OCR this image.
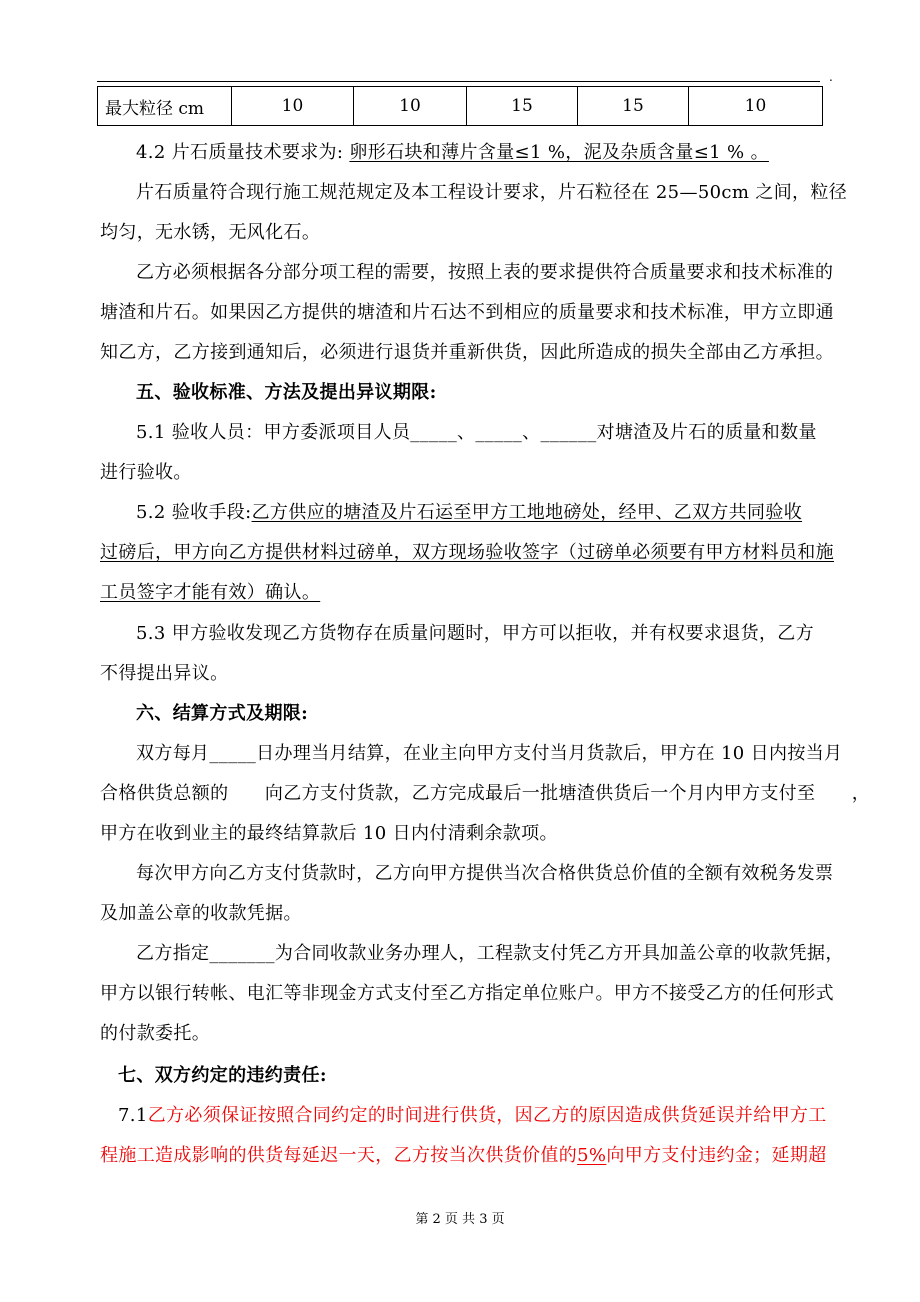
.
最大粒径 cm	10	10	15	15	10
4.2 片石质量技术要求为: 卵形石块和薄片含量≤1 %，泥及杂质含量≤1 % 。
片石质量符合现行施工规范规定及本工程设计要求，片石粒径在 25—50cm 之间，粒径
均匀，无水锈，无风化石。
乙方必须根据各分部分项工程的需要，按照上表的要求提供符合质量要求和技术标准的
塘渣和片石。如果因乙方提供的塘渣和片石达不到相应的质量要求和技术标准，甲方立即通
知乙方，乙方接到通知后，必须进行退货并重新供货，因此所造成的损失全部由乙方承担。
五、验收标准、方法及提出异议期限:
5.1 验收人员：甲方委派项目人员_____、_____、______对塘渣及片石的质量和数量
进行验收。
5.2 验收手段:乙方供应的塘渣及片石运至甲方工地地磅处，经甲、乙双方共同验收
过磅后，甲方向乙方提供材料过磅单，双方现场验收签字（过磅单必须要有甲方材料员和施
工员签字才能有效）确认。
5.3 甲方验收发现乙方货物存在质量问题时，甲方可以拒收，并有权要求退货，乙方
不得提出异议。
六、结算方式及期限:
双方每月_____日办理当月结算，在业主向甲方支付当月货款后，甲方在 10 日内按当月
合格供货总额的      向乙方支付货款，乙方完成最后一批塘渣供货后一个月内甲方支付至      ，
甲方在收到业主的最终结算款后 10 日内付清剩余款项。
每次甲方向乙方支付货款时，乙方向甲方提供当次合格供货总价值的全额有效税务发票
及加盖公章的收款凭据。
乙方指定_______为合同收款业务办理人，工程款支付凭乙方开具加盖公章的收款凭据，
甲方以银行转帐、电汇等非现金方式支付至乙方指定单位账户。甲方不接受乙方的任何形式
的付款委托。
七、双方约定的违约责任:
7.1乙方必须保证按照合同约定的时间进行供货，因乙方的原因造成供货延误并给甲方工
程施工造成影响的供货每延迟一天，乙方按当次供货价值的5%向甲方支付违约金；延期超
第 2 页 共 3 页
